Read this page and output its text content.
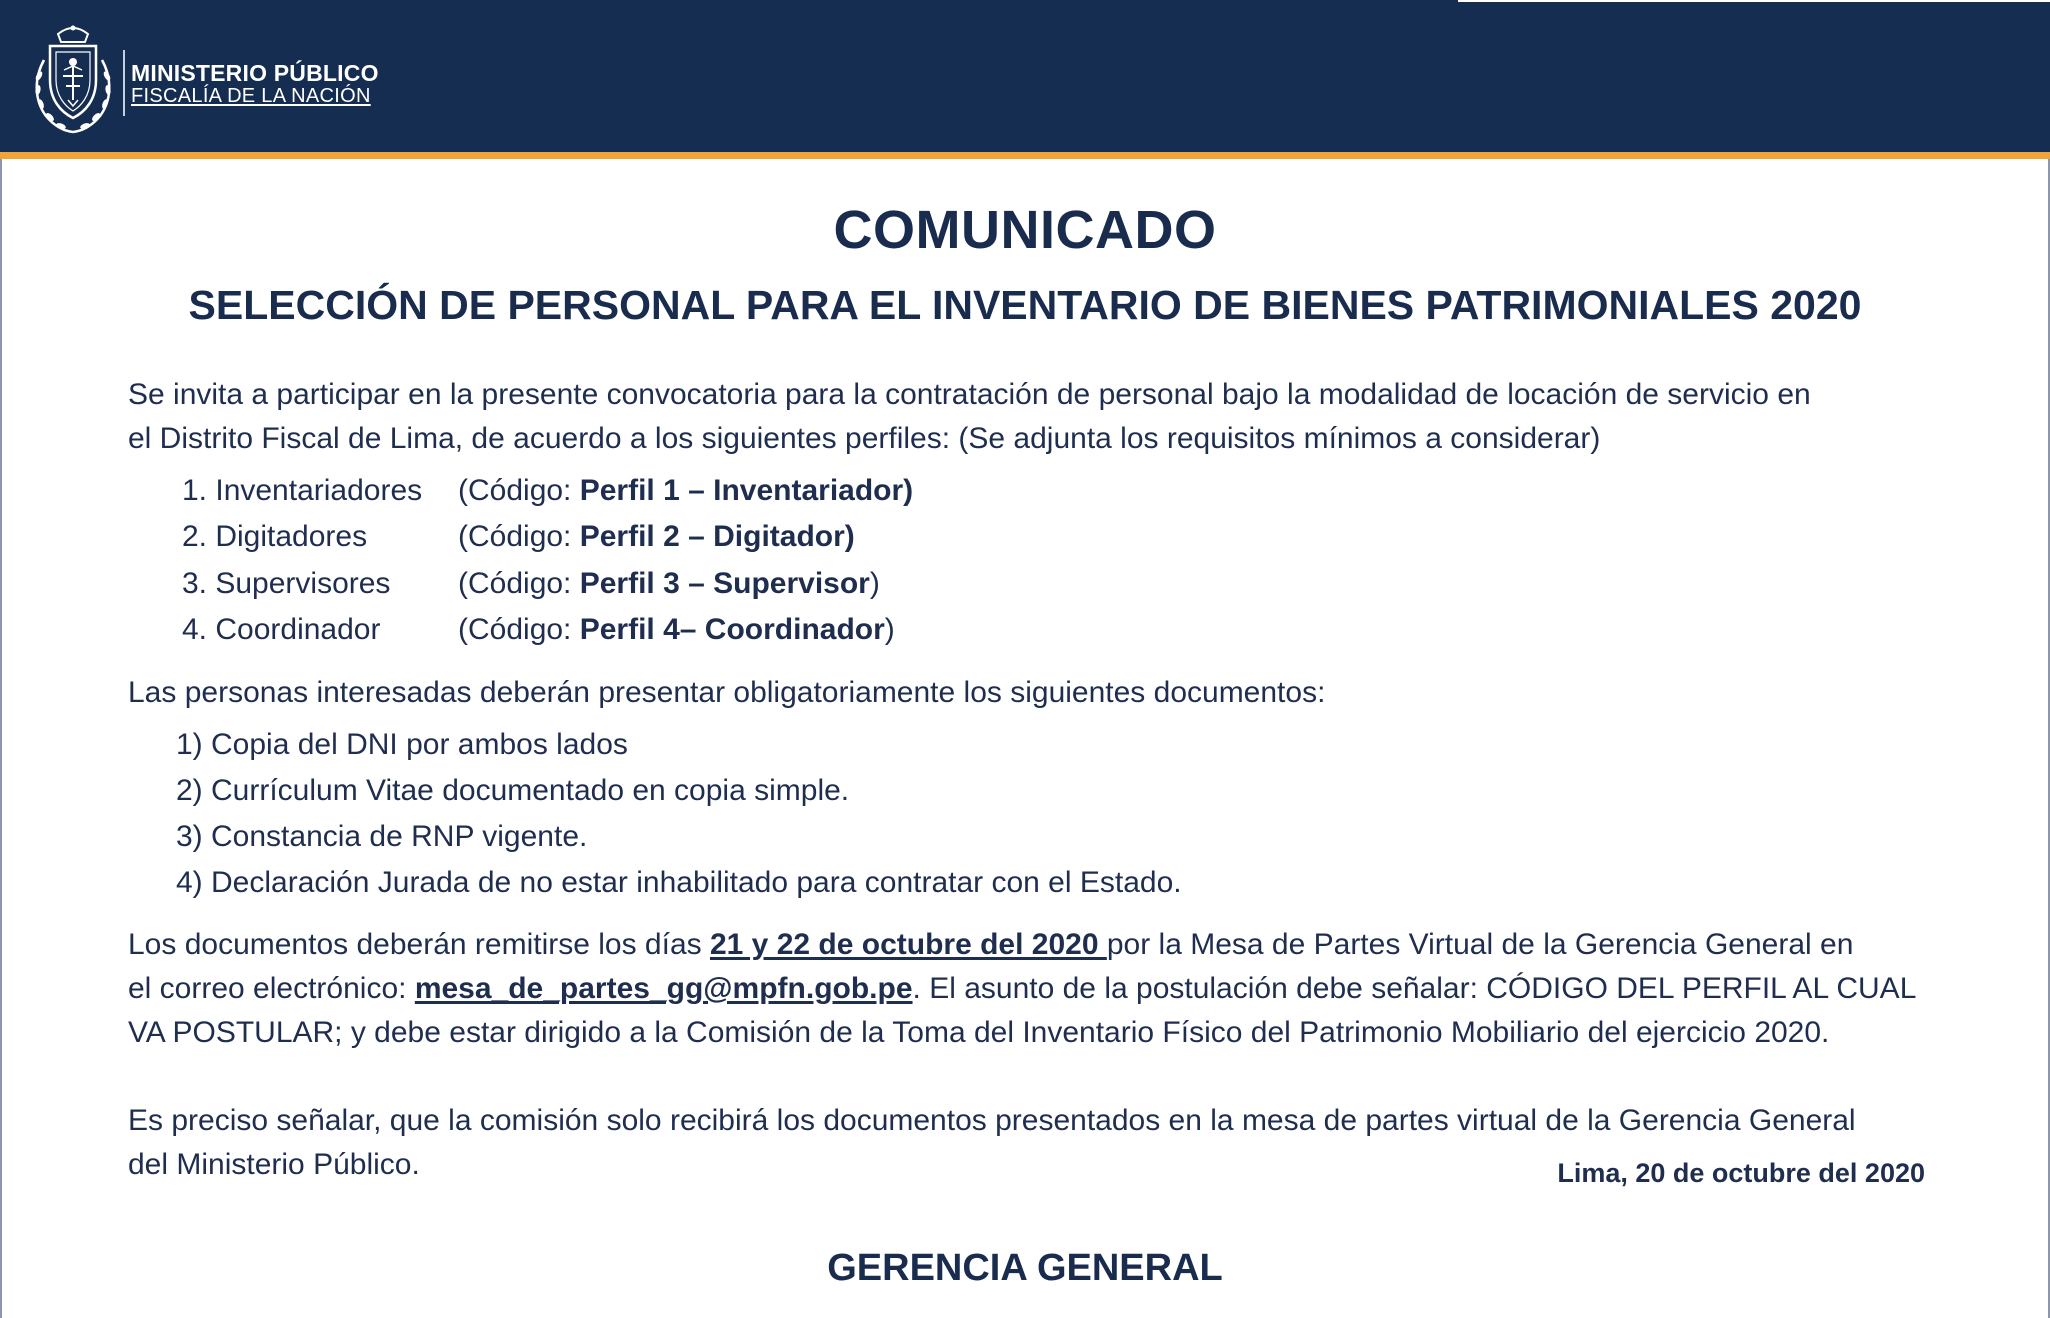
MINISTERIO PÚBLICO
FISCALÍA DE LA NACIÓN
COMUNICADO
SELECCIÓN DE PERSONAL PARA EL INVENTARIO DE BIENES PATRIMONIALES 2020
Se invita a participar en la presente convocatoria para la contratación de personal bajo la modalidad de locación de servicio en
el Distrito Fiscal de Lima, de acuerdo a los siguientes perfiles: (Se adjunta los requisitos mínimos a considerar)
1. Inventariadores (Código: Perfil 1 – Inventariador)
2. Digitadores	(Código: Perfil 2 – Digitador)
3. Supervisores (Código: Perfil 3 – Supervisor)
4. Coordinador	(Código: Perfil 4– Coordinador)
Las personas interesadas deberán presentar obligatoriamente los siguientes documentos:
1) Copia del DNI por ambos lados
2) Currículum Vitae documentado en copia simple.
3) Constancia de RNP vigente.
4) Declaración Jurada de no estar inhabilitado para contratar con el Estado.
Los documentos deberán remitirse los días 21 y 22 de octubre del 2020 por la Mesa de Partes Virtual de la Gerencia General en
el correo electrónico: mesa_de_partes_gg@mpfn.gob.pe. El asunto de la postulación debe señalar: CÓDIGO DEL PERFIL AL CUAL
VA POSTULAR; y debe estar dirigido a la Comisión de la Toma del Inventario Físico del Patrimonio Mobiliario del ejercicio 2020.
Es preciso señalar, que la comisión solo recibirá los documentos presentados en la mesa de partes virtual de la Gerencia General
del Ministerio Público.	Lima, 20 de octubre del 2020
GERENCIA GENERAL
